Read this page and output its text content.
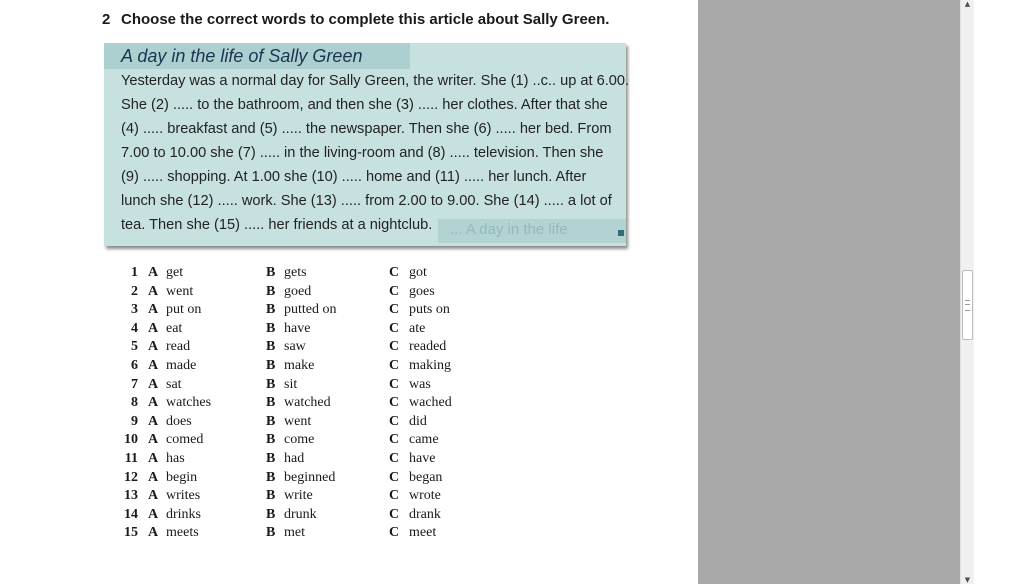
2 Choose the correct words to complete this article about Sally Green.
A day in the life of Sally Green
Yesterday was a normal day for Sally Green, the writer. She (1) ..c.. up at 6.00.
She (2) ..... to the bathroom, and then she (3) ..... her clothes. After that she
(4) ..... breakfast and (5) ..... the newspaper. Then she (6) ..... her bed. From
7.00 to 10.00 she (7) ..... in the living-room and (8) ..... television. Then she
(9) ..... shopping. At 1.00 she (10) ..... home and (11) ..... her lunch. After
lunch she (12) ..... work. She (13) ..... from 2.00 to 9.00. She (14) ..... a lot of
tea. Then she (15) ..... her friends at a nightclub.	... A day in the life
1 A get	B gets	C got
2 A went	B goed	C goes
3 A put on	B putted on	C puts on
4 A eat	B have	C ate
5 A read	B saw	C readed
6 A made	B make	C making
7 A sat	B sit	C was
8 A watches	B watched	C wached
9 A does	B went	C did
10 A comed	B come	C came
11 A has	B had	C have
12 A begin	B beginned	C began
13 A writes	B write	C wrote
14 A drinks	B drunk	C drank
15 A meets	B met	C meet
▲
▼
